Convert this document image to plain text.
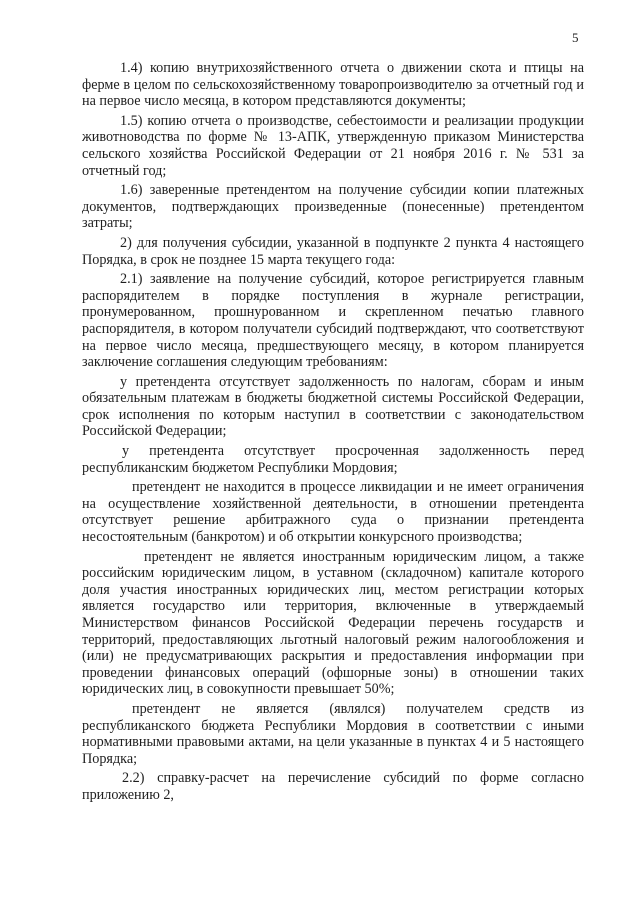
5

1.4) копию внутрихозяйственного отчета о движении скота и птицы на ферме в целом по сельскохозяйственному товаропроизводителю за отчетный год и на первое число месяца, в котором представляются документы;

1.5) копию отчета о производстве, себестоимости и реализации продукции животноводства по форме № 13-АПК, утвержденную приказом Министерства сельского хозяйства Российской Федерации от 21 ноября 2016 г. № 531 за отчетный год;

1.6) заверенные претендентом на получение субсидии копии платежных документов, подтверждающих произведенные (понесенные) претендентом затраты;

2) для получения субсидии, указанной в подпункте 2 пункта 4 настоящего Порядка, в срок не позднее 15 марта текущего года:

2.1) заявление на получение субсидий, которое регистрируется главным распорядителем в порядке поступления в журнале регистрации, пронумерованном, прошнурованном и скрепленном печатью главного распорядителя, в котором получатели субсидий подтверждают, что соответствуют на первое число месяца, предшествующего месяцу, в котором планируется заключение соглашения следующим требованиям:

у претендента отсутствует задолженность по налогам, сборам и иным обязательным платежам в бюджеты бюджетной системы Российской Федерации, срок исполнения по которым наступил в соответствии с законодательством Российской Федерации;

у претендента отсутствует просроченная задолженность перед республиканским бюджетом Республики Мордовия;

претендент не находится в процессе ликвидации и не имеет ограничения на осуществление хозяйственной деятельности, в отношении претендента отсутствует решение арбитражного суда о признании претендента несостоятельным (банкротом) и об открытии конкурсного производства;

претендент не является иностранным юридическим лицом, а также российским юридическим лицом, в уставном (складочном) капитале которого доля участия иностранных юридических лиц, местом регистрации которых является государство или территория, включенные в утверждаемый Министерством финансов Российской Федерации перечень государств и территорий, предоставляющих льготный налоговый режим налогообложения и (или) не предусматривающих раскрытия и предоставления информации при проведении финансовых операций (офшорные зоны) в отношении таких юридических лиц, в совокупности превышает 50%;

претендент не является (являлся) получателем средств из республиканского бюджета Республики Мордовия в соответствии с иными нормативными правовыми актами, на цели указанные в пунктах 4 и 5 настоящего Порядка;

2.2) справку-расчет на перечисление субсидий по форме согласно приложению 2,
